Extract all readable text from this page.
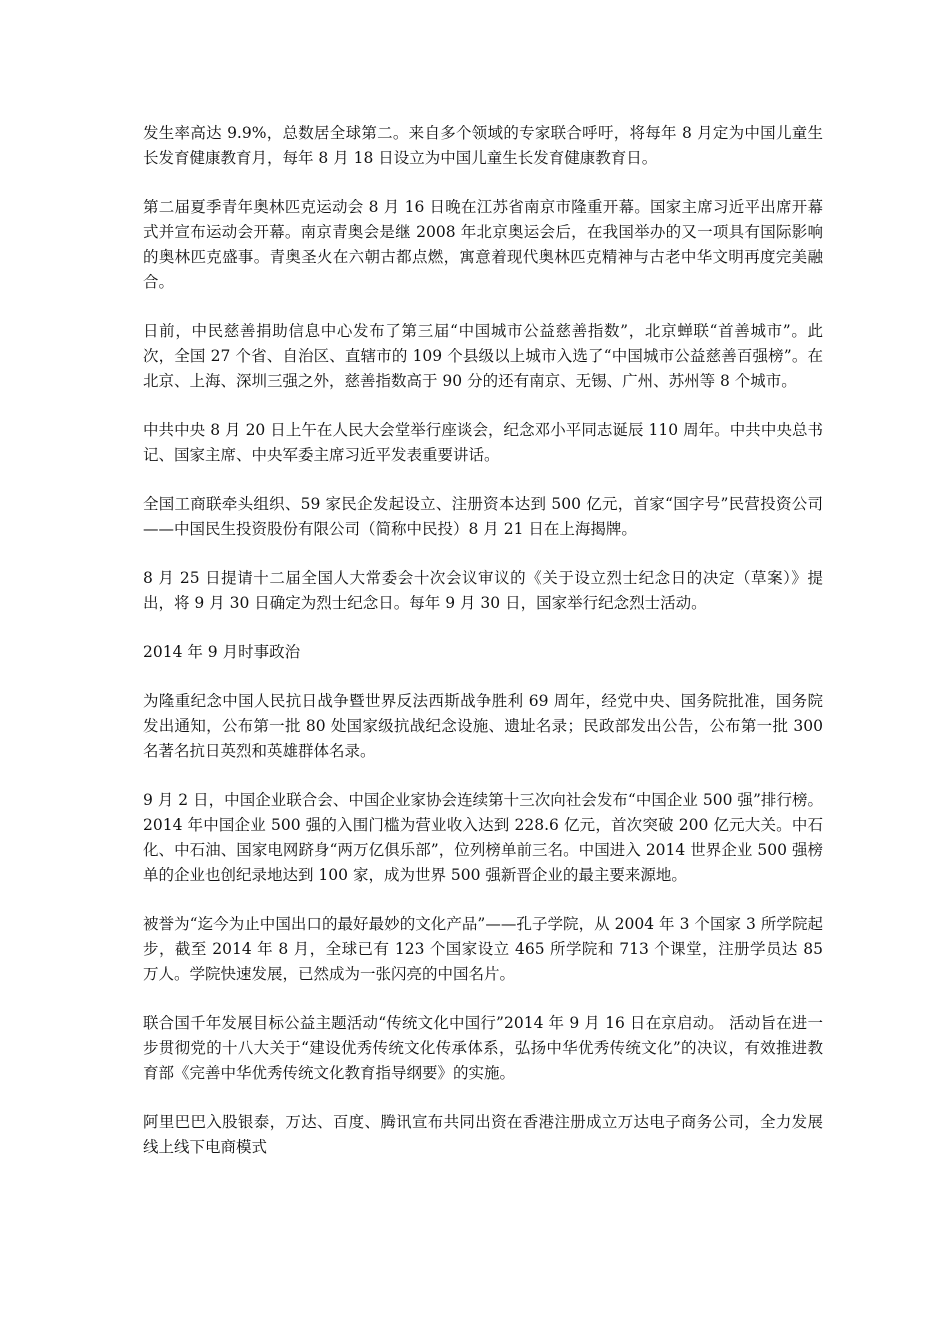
发生率高达 9.9%，总数居全球第二。来自多个领域的专家联合呼吁，将每年 8 月定为中国儿童生长发育健康教育月，每年 8 月 18 日设立为中国儿童生长发育健康教育日。

第二届夏季青年奥林匹克运动会 8 月 16 日晚在江苏省南京市隆重开幕。国家主席习近平出席开幕式并宣布运动会开幕。南京青奥会是继 2008 年北京奥运会后，在我国举办的又一项具有国际影响的奥林匹克盛事。青奥圣火在六朝古都点燃，寓意着现代奥林匹克精神与古老中华文明再度完美融合。

日前，中民慈善捐助信息中心发布了第三届“中国城市公益慈善指数”，北京蝉联“首善城市”。此次，全国 27 个省、自治区、直辖市的 109 个县级以上城市入选了“中国城市公益慈善百强榜”。在北京、上海、深圳三强之外，慈善指数高于 90 分的还有南京、无锡、广州、苏州等 8 个城市。

中共中央 8 月 20 日上午在人民大会堂举行座谈会，纪念邓小平同志诞辰 110 周年。中共中央总书记、国家主席、中央军委主席习近平发表重要讲话。

全国工商联牵头组织、59 家民企发起设立、注册资本达到 500 亿元，首家“国字号”民营投资公司——中国民生投资股份有限公司（简称中民投）8 月 21 日在上海揭牌。

8 月 25 日提请十二届全国人大常委会十次会议审议的《关于设立烈士纪念日的决定（草案）》提出，将 9 月 30 日确定为烈士纪念日。每年 9 月 30 日，国家举行纪念烈士活动。

2014 年 9 月时事政治

为隆重纪念中国人民抗日战争暨世界反法西斯战争胜利 69 周年，经党中央、国务院批准，国务院发出通知，公布第一批 80 处国家级抗战纪念设施、遗址名录；民政部发出公告，公布第一批 300 名著名抗日英烈和英雄群体名录。

9 月 2 日，中国企业联合会、中国企业家协会连续第十三次向社会发布“中国企业 500 强”排行榜。2014 年中国企业 500 强的入围门槛为营业收入达到 228.6 亿元，首次突破 200 亿元大关。中石化、中石油、国家电网跻身“两万亿俱乐部”，位列榜单前三名。中国进入 2014 世界企业 500 强榜单的企业也创纪录地达到 100 家，成为世界 500 强新晋企业的最主要来源地。

被誉为“迄今为止中国出口的最好最妙的文化产品”——孔子学院，从 2004 年 3 个国家 3 所学院起步，截至 2014 年 8 月，全球已有 123 个国家设立 465 所学院和 713 个课堂，注册学员达 85 万人。学院快速发展，已然成为一张闪亮的中国名片。

联合国千年发展目标公益主题活动“传统文化中国行”2014 年 9 月 16 日在京启动。 活动旨在进一步贯彻党的十八大关于“建设优秀传统文化传承体系，弘扬中华优秀传统文化”的决议，有效推进教育部《完善中华优秀传统文化教育指导纲要》的实施。

阿里巴巴入股银泰，万达、百度、腾讯宣布共同出资在香港注册成立万达电子商务公司，全力发展线上线下电商模式
